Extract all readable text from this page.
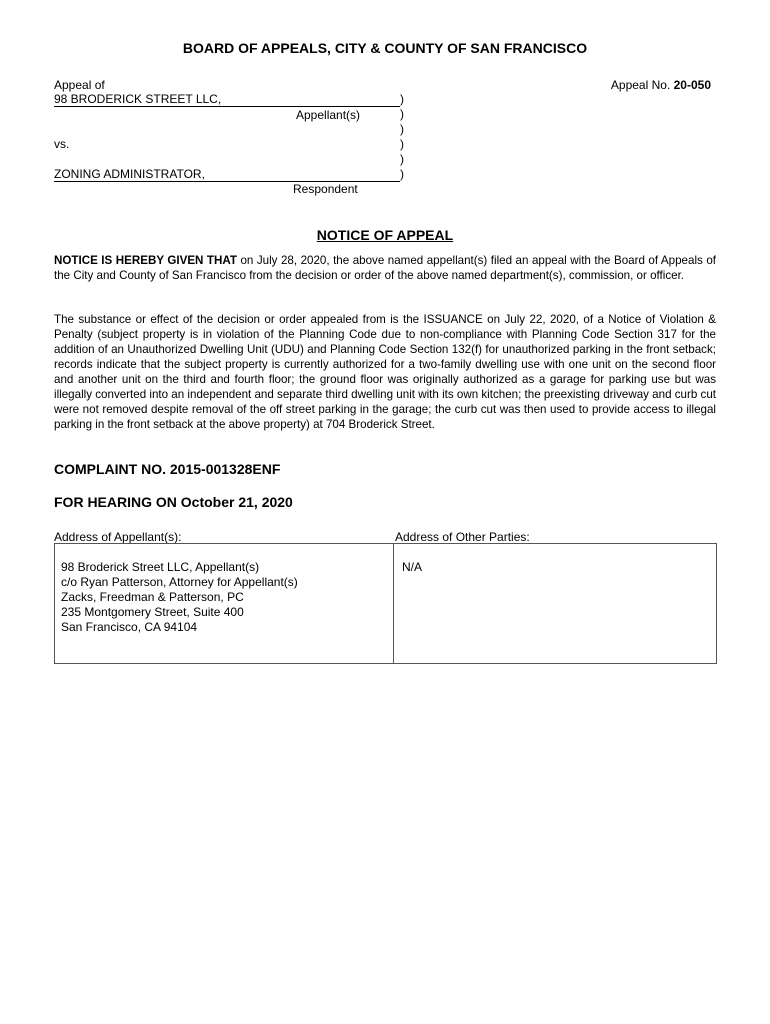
BOARD OF APPEALS, CITY & COUNTY OF SAN FRANCISCO
Appeal of
98 BRODERICK STREET LLC,
Appellant(s)
vs.
ZONING ADMINISTRATOR,
Respondent
)
)
)
)
)
)
Appeal No. 20-050
NOTICE OF APPEAL
NOTICE IS HEREBY GIVEN THAT on July 28, 2020, the above named appellant(s) filed an appeal with the Board of Appeals of the City and County of San Francisco from the decision or order of the above named department(s), commission, or officer.
The substance or effect of the decision or order appealed from is the ISSUANCE on July 22, 2020, of a Notice of Violation & Penalty (subject property is in violation of the Planning Code due to non-compliance with Planning Code Section 317 for the addition of an Unauthorized Dwelling Unit (UDU) and Planning Code Section 132(f) for unauthorized parking in the front setback; records indicate that the subject property is currently authorized for a two-family dwelling use with one unit on the second floor and another unit on the third and fourth floor; the ground floor was originally authorized as a garage for parking use but was illegally converted into an independent and separate third dwelling unit with its own kitchen; the preexisting driveway and curb cut were not removed despite removal of the off street parking in the garage; the curb cut was then used to provide access to illegal parking in the front setback at the above property) at 704 Broderick Street.
COMPLAINT NO. 2015-001328ENF
FOR HEARING ON October 21, 2020
Address of Appellant(s):	Address of Other Parties:
98 Broderick Street LLC, Appellant(s)
c/o Ryan Patterson, Attorney for Appellant(s)
Zacks, Freedman & Patterson, PC
235 Montgomery Street, Suite 400
San Francisco, CA 94104
N/A
